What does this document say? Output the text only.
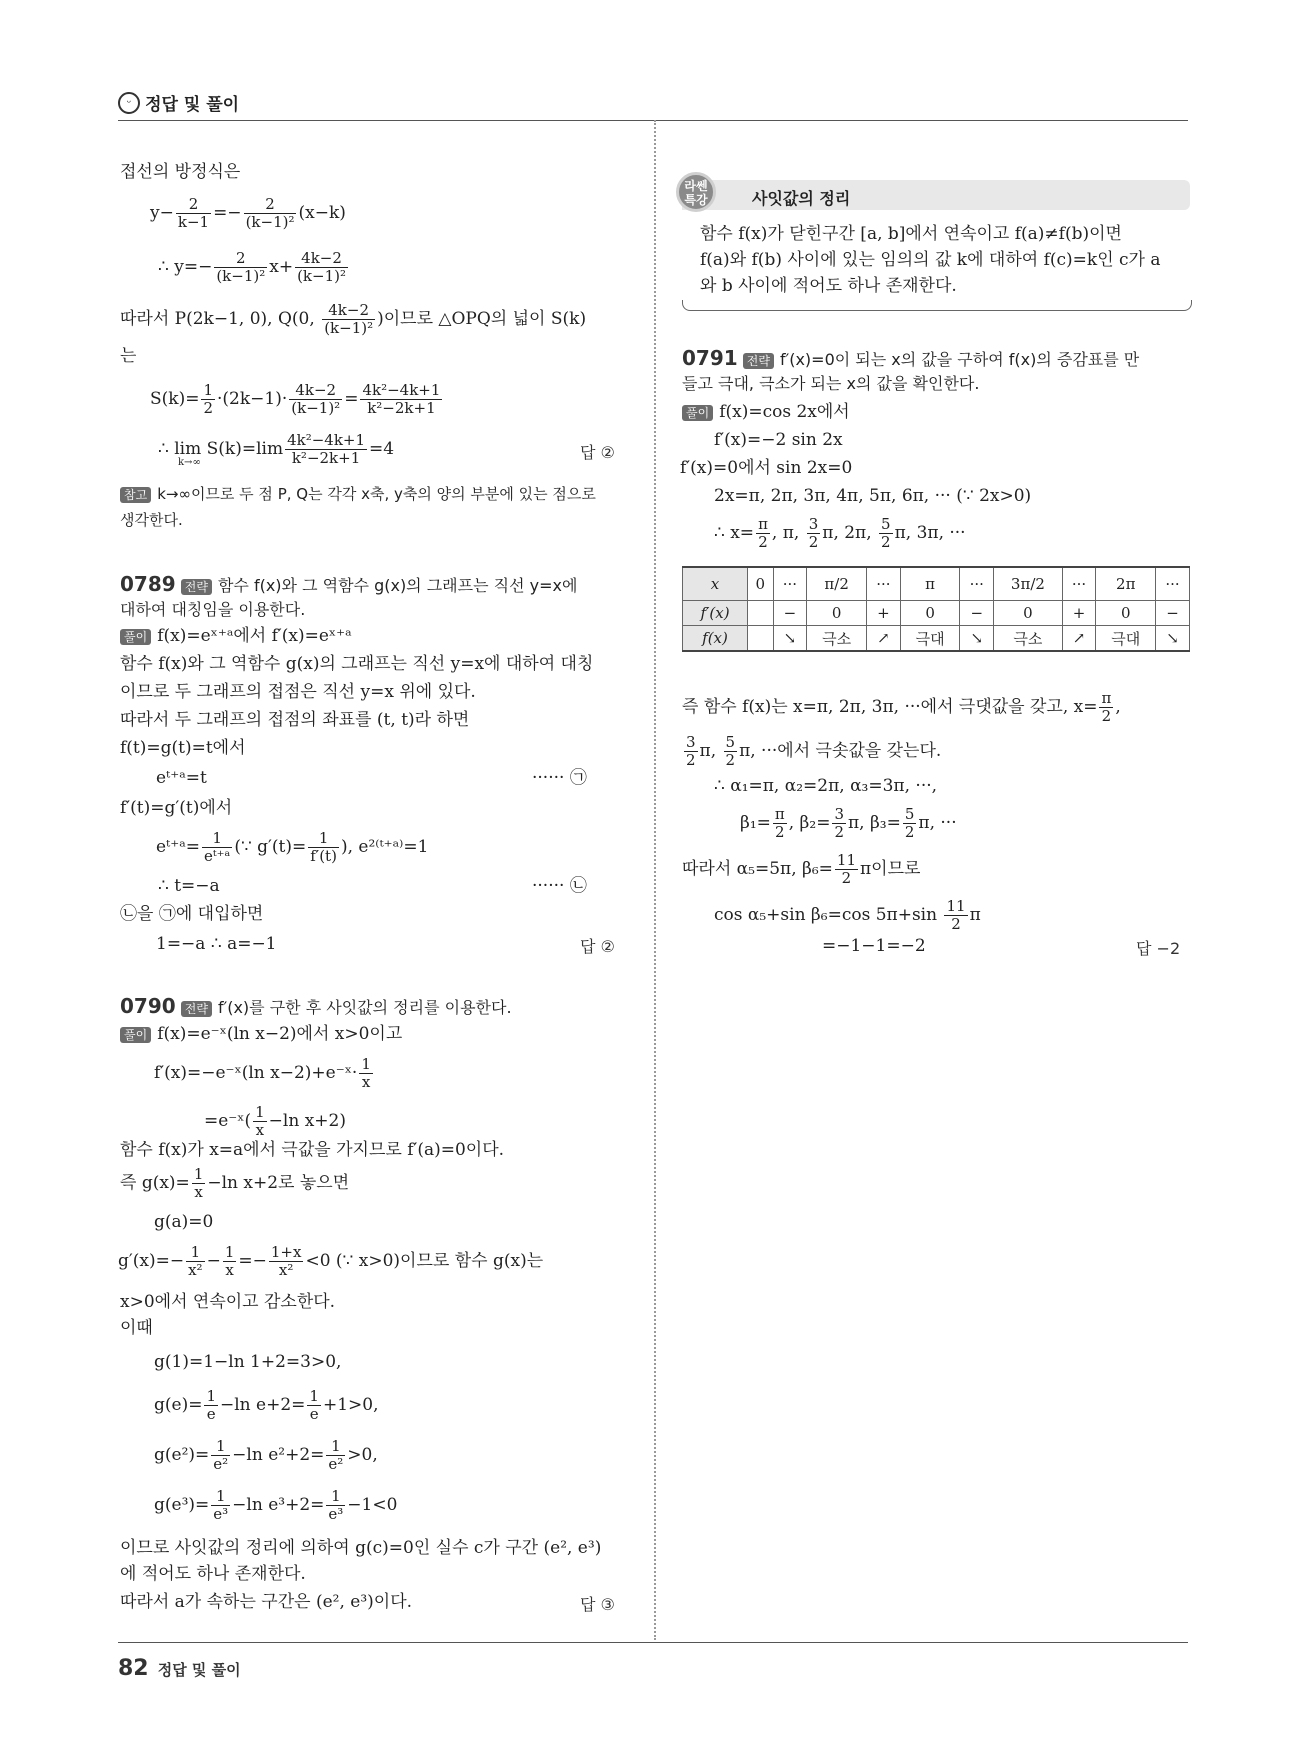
ᵕ 정답 및 풀이
접선의 방정식은
$y- \frac{2}{k-1} =- \frac{2}{\text{(k−1)²}} (x-k)$
∴ $y=- \frac{2}{\text{(k−1)²}} x+ \frac{4k-2}{\text{(k−1)²}}$
따라서 P(2k−1, 0), Q(0, $\frac{4k-2}{\text{(k−1)²}}$ )이므로 △OPQ의 넓이 S(k)
는
$S(k)= \frac{1}{2} \cdot(2k-1)\cdot \frac{4k-2}{\text{(k−1)²}} = \frac{\text{4k²−4k+1}}{\text{k²−2k+1}}$
∴ $\lim S(k)=\lim \frac{\text{4k²−4k+1}}{\text{k²−2k+1}} =4$
k→∞
답 ②
참고 k→∞이므로 두 점 P, Q는 각각 x축, y축의 양의 부분에 있는 점으로
생각한다.
0789 전략 함수 f(x)와 그 역함수 g(x)의 그래프는 직선 y=x에
대하여 대칭임을 이용한다.
풀이 f(x)=eˣ⁺ᵃ에서 f′(x)=eˣ⁺ᵃ
함수 f(x)와 그 역함수 g(x)의 그래프는 직선 y=x에 대하여 대칭
이므로 두 그래프의 접점은 직선 y=x 위에 있다.
따라서 두 그래프의 접점의 좌표를 (t, t)라 하면
f(t)=g(t)=t에서
eᵗ⁺ᵃ=t	······ ㉠
f′(t)=g′(t)에서
eᵗ⁺ᵃ= $\frac{1}{\text{eᵗ⁺ᵃ}}$ (∵ $g'(t)= \frac{1}{f'(t)}$ ), e²⁽ᵗ⁺ᵃ⁾=1
∴ t=−a	······ ㉡
㉡을 ㉠에 대입하면
1=−a ∴ a=−1	답 ②
0790 전략 f′(x)를 구한 후 사잇값의 정리를 이용한다.
풀이 f(x)=e⁻ˣ(ln x−2)에서 x>0이고
f′(x)=−e⁻ˣ(ln x−2)+e⁻ˣ· $\frac{1}{x}$
=e⁻ˣ( $\frac{1}{x} -\ln$ x+2)
함수 f(x)가 x=a에서 극값을 가지므로 f′(a)=0이다.
즉 $g(x)= \frac{1}{x} -\ln$ x+2로 놓으면
g(a)=0
$g'(x)=- \frac{1}{\text{x²}} - \frac{1}{x} =- \frac{1+x}{\text{x²}} <0$ (∵ x>0)이므로 함수 g(x)는
x>0에서 연속이고 감소한다.
이때
g(1)=1−ln 1+2=3>0,
$g(e)= \frac{1}{e} -\ln$ $e+2= \frac{1}{e} +1>0$,
$g(e^2)= \frac{1}{\text{e²}} -\ln$ $e^2+2= \frac{1}{\text{e²}} >0$,
$g(e^3)= \frac{1}{\text{e³}} -\ln$ $e^3+2= \frac{1}{\text{e³}} -1<0$
이므로 사잇값의 정리에 의하여 g(c)=0인 실수 c가 구간 (e², e³)
에 적어도 하나 존재한다.
따라서 a가 속하는 구간은 (e², e³)이다.	답 ③
라쎈
특강	사잇값의 정리
함수 f(x)가 닫힌구간 [a, b]에서 연속이고 f(a)≠f(b)이면
f(a)와 f(b) 사이에 있는 임의의 값 k에 대하여 f(c)=k인 c가 a
와 b 사이에 적어도 하나 존재한다.
0791 전략 f′(x)=0이 되는 x의 값을 구하여 f(x)의 증감표를 만
들고 극대, 극소가 되는 x의 값을 확인한다.
풀이 f(x)=cos 2x에서
f′(x)=−2 sin 2x
f′(x)=0에서 sin 2x=0
2x=π, 2π, 3π, 4π, 5π, 6π, ··· (∵ 2x>0)
∴ $x= \frac{\pi}{2}$ , π, $\frac{3}{2} \pi$, 2π, $\frac{5}{2} \pi$, 3π, ···
x	0	···	π/2	···	π	···	3π/2	···	2π	···
f′(x)		−	0	+	0	−	0	+	0	−
f(x)		↘	극소	↗	극대	↘	극소	↗	극대	↘
즉 함수 f(x)는 x=π, 2π, 3π, ···에서 극댓값을 갖고, $x= \frac{\pi}{2}$ ,
$\frac{3}{2} \pi$, $\frac{5}{2} \pi$, ···에서 극솟값을 갖는다.
∴ α₁=π, α₂=2π, α₃=3π, ···,
$\beta_1= \frac{\pi}{2}$ , $\beta_2= \frac{3}{2} \pi$, $\beta_3= \frac{5}{2} \pi$, ···
따라서 α₅=5π, $\beta_6= \frac{11}{2}$ π이므로
cos α₅+sin β₆=cos $5\pi+\sin \frac{11}{2}$ π
=−1−1=−2	답 −2
82 정답 및 풀이
